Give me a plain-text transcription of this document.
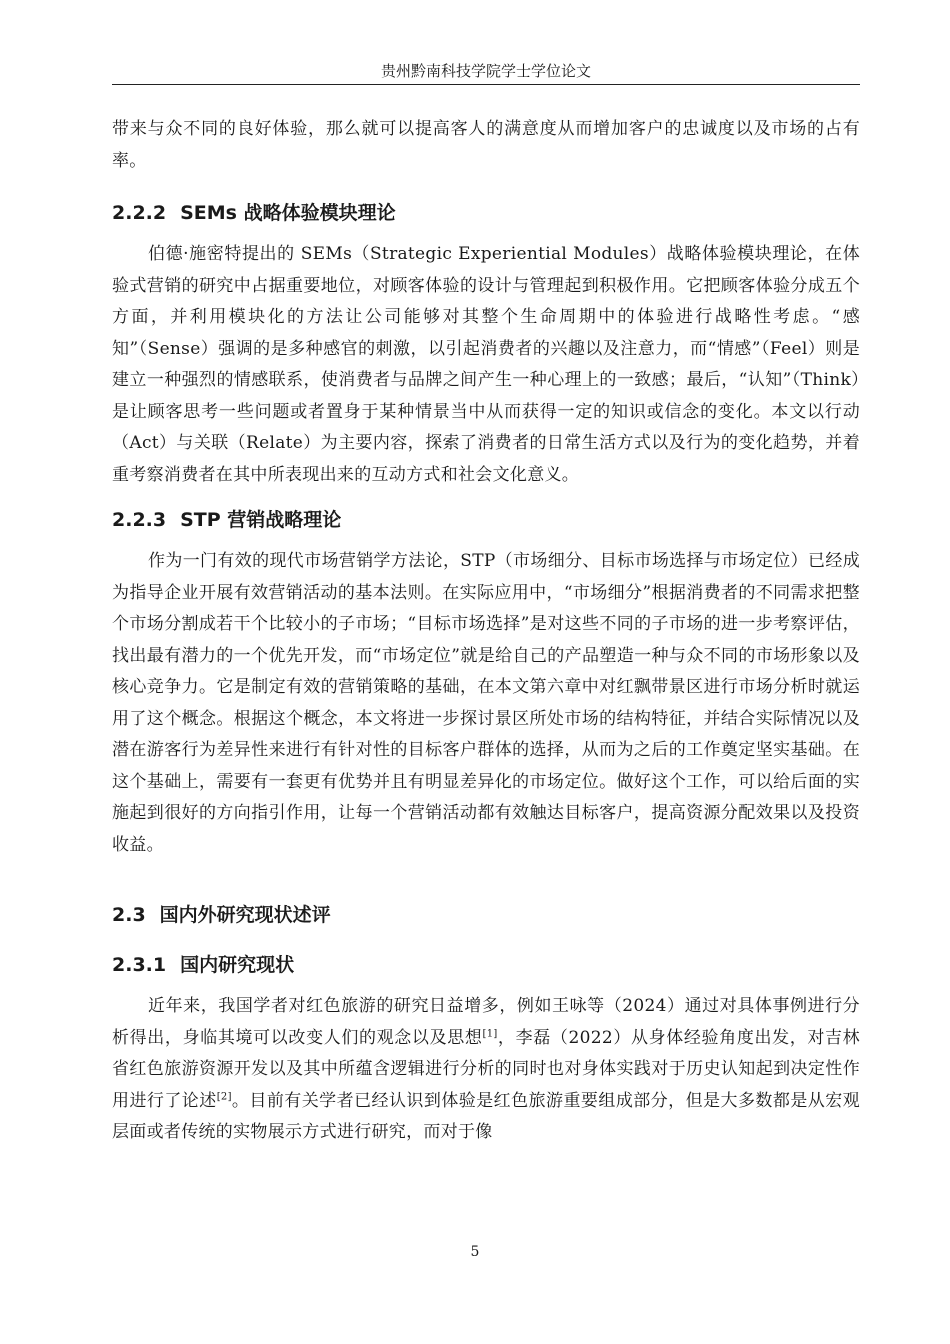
贵州黔南科技学院学士学位论文

带来与众不同的良好体验，那么就可以提高客人的满意度从而增加客户的忠诚度以及市场的占有率。

2.2.2 SEMs 战略体验模块理论

伯德·施密特提出的 SEMs（Strategic Experiential Modules）战略体验模块理论，在体验式营销的研究中占据重要地位，对顾客体验的设计与管理起到积极作用。它把顾客体验分成五个方面，并利用模块化的方法让公司能够对其整个生命周期中的体验进行战略性考虑。“感知”（Sense）强调的是多种感官的刺激，以引起消费者的兴趣以及注意力，而“情感”（Feel）则是建立一种强烈的情感联系，使消费者与品牌之间产生一种心理上的一致感；最后，“认知”（Think）是让顾客思考一些问题或者置身于某种情景当中从而获得一定的知识或信念的变化。本文以行动（Act）与关联（Relate）为主要内容，探索了消费者的日常生活方式以及行为的变化趋势，并着重考察消费者在其中所表现出来的互动方式和社会文化意义。

2.2.3 STP 营销战略理论

作为一门有效的现代市场营销学方法论，STP（市场细分、目标市场选择与市场定位）已经成为指导企业开展有效营销活动的基本法则。在实际应用中，“市场细分”根据消费者的不同需求把整个市场分割成若干个比较小的子市场；“目标市场选择”是对这些不同的子市场的进一步考察评估，找出最有潜力的一个优先开发，而“市场定位”就是给自己的产品塑造一种与众不同的市场形象以及核心竞争力。它是制定有效的营销策略的基础，在本文第六章中对红飘带景区进行市场分析时就运用了这个概念。根据这个概念，本文将进一步探讨景区所处市场的结构特征，并结合实际情况以及潜在游客行为差异性来进行有针对性的目标客户群体的选择，从而为之后的工作奠定坚实基础。在这个基础上，需要有一套更有优势并且有明显差异化的市场定位。做好这个工作，可以给后面的实施起到很好的方向指引作用，让每一个营销活动都有效触达目标客户，提高资源分配效果以及投资收益。

2.3 国内外研究现状述评
2.3.1 国内研究现状

近年来，我国学者对红色旅游的研究日益增多，例如王咏等（2024）通过对具体事例进行分析得出，身临其境可以改变人们的观念以及思想[1]，李磊（2022）从身体经验角度出发，对吉林省红色旅游资源开发以及其中所蕴含逻辑进行分析的同时也对身体实践对于历史认知起到决定性作用进行了论述[2]。目前有关学者已经认识到体验是红色旅游重要组成部分，但是大多数都是从宏观层面或者传统的实物展示方式进行研究，而对于像

5
